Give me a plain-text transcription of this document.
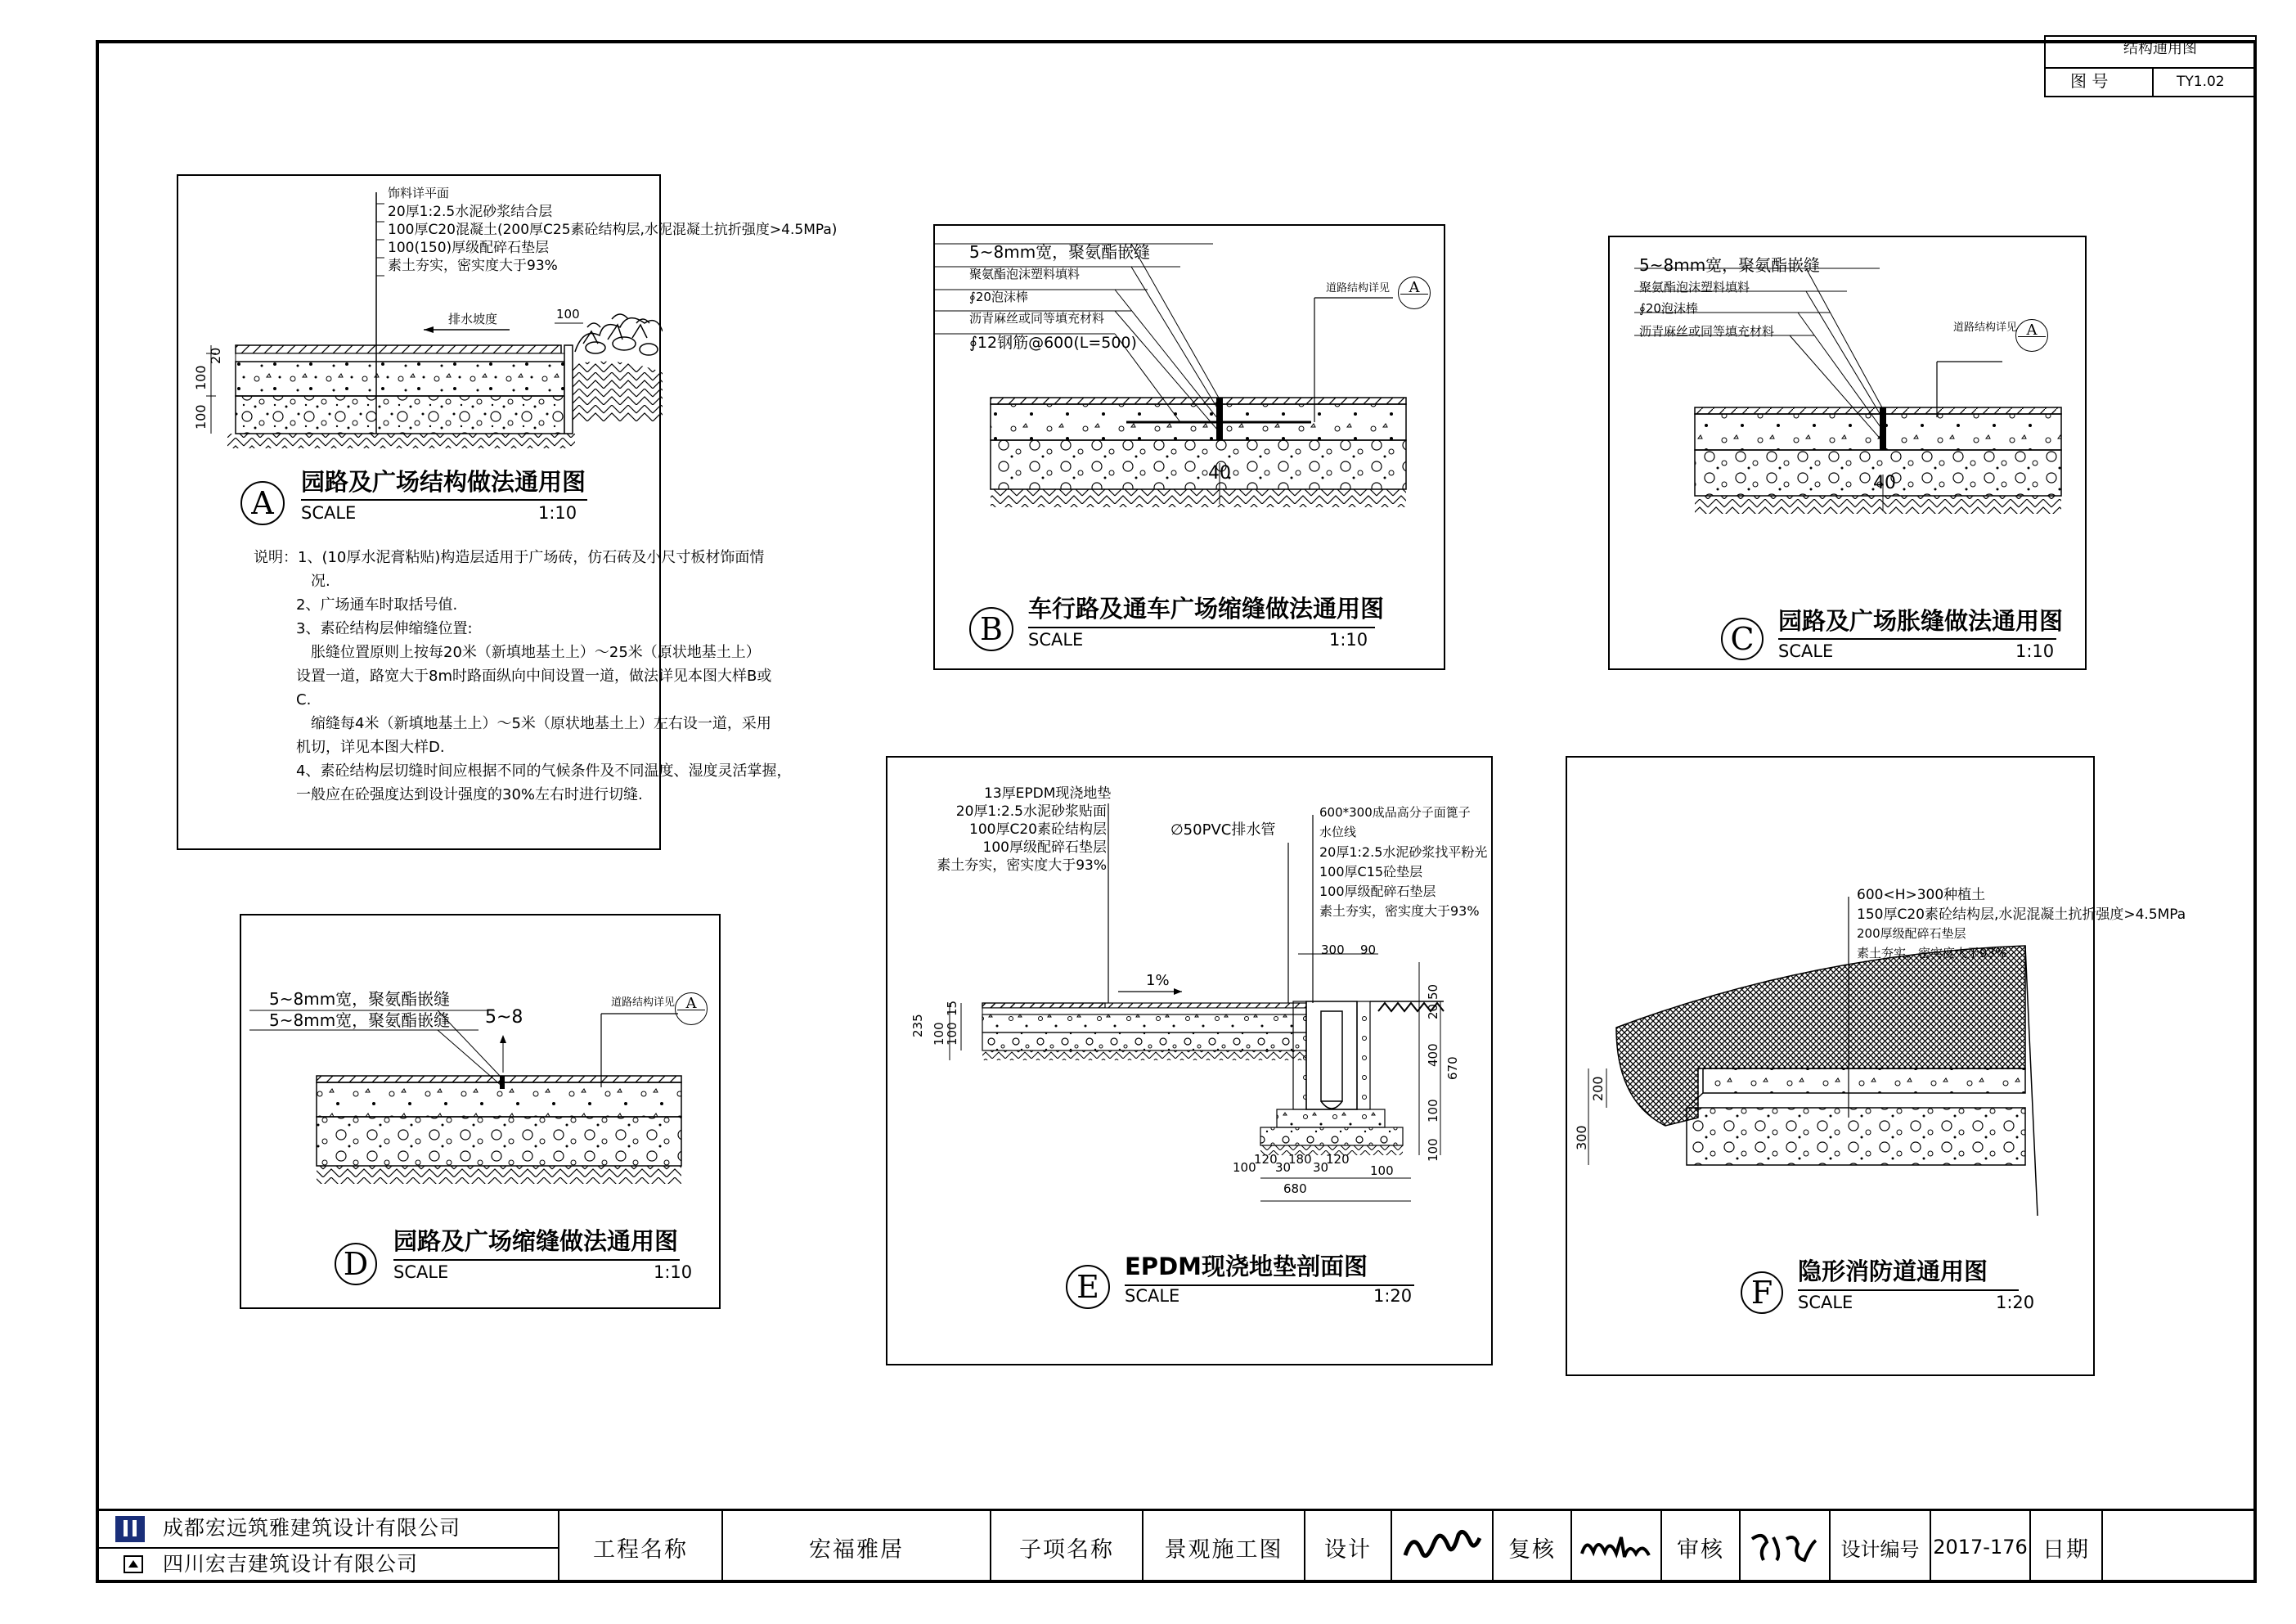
结构通用图
图 号	TY1.02
20
100
100
饰料详平面
20厚1:2.5水泥砂浆结合层
100厚C20混凝土(200厚C25素砼结构层,水泥混凝土抗折强度>4.5MPa)
100(150)厚级配碎石垫层
素土夯实，密实度大于93%
排水坡度	100
A
园路及广场结构做法通用图
SCALE	1:10
说明：1、(10厚水泥膏粘贴)构造层适用于广场砖，仿石砖及小尺寸板材饰面情
况.
2、广场通车时取括号值.
3、素砼结构层伸缩缝位置:
胀缝位置原则上按每20米（新填地基土上）～25米（原状地基土上）
设置一道，路宽大于8m时路面纵向中间设置一道，做法详见本图大样B或
C.
缩缝每4米（新填地基土上）～5米（原状地基土上）左右设一道，采用
机切，详见本图大样D.
4、素砼结构层切缝时间应根据不同的气候条件及不同温度、湿度灵活掌握，
一般应在砼强度达到设计强度的30%左右时进行切缝.
5~8mm宽，聚氨酯嵌缝
聚氨酯泡沫塑料填料
∮20泡沫棒
沥青麻丝或同等填充材料
∮12钢筋@600(L=500)
道路结构详见	A
40
B
车行路及通车广场缩缝做法通用图
SCALE	1:10
5~8mm宽，聚氨酯嵌缝
聚氨酯泡沫塑料填料
∮20泡沫棒
沥青麻丝或同等填充材料	道路结构详见 A
40
C	园路及广场胀缝做法通用图
SCALE	1:10
5~8mm宽，聚氨酯嵌缝
5~8mm宽，聚氨酯嵌缝 5~8
道路结构详见 A
D
园路及广场缩缝做法通用图
SCALE	1:10
13厚EPDM现浇地垫
20厚1:2.5水泥砂浆贴面
100厚C20素砼结构层
100厚级配碎石垫层
素土夯实，密实度大于93%
∅50PVC排水管
600*300成品高分子面篦子
水位线
20厚1:2.5水泥砂浆找平粉光
100厚C15砼垫层
100厚级配碎石垫层
素土夯实，密实度大于93%
1%
300 90
235 100
100
15
50
20
400
670
100
100
100
120
30
180
30
120
100
680
E
EPDM现浇地垫剖面图
SCALE	1:20
600<H>300种植土
150厚C20素砼结构层,水泥混凝土抗折强度>4.5MPa
200厚级配碎石垫层
素土夯实，密实度大于93%
200
300
F
隐形消防道通用图
SCALE	1:20
成都宏远筑雅建筑设计有限公司
四川宏吉建筑设计有限公司
工程名称	宏福雅居	子项名称	景观施工图	设计	复核	审核	设计编号 2017-176 日期
